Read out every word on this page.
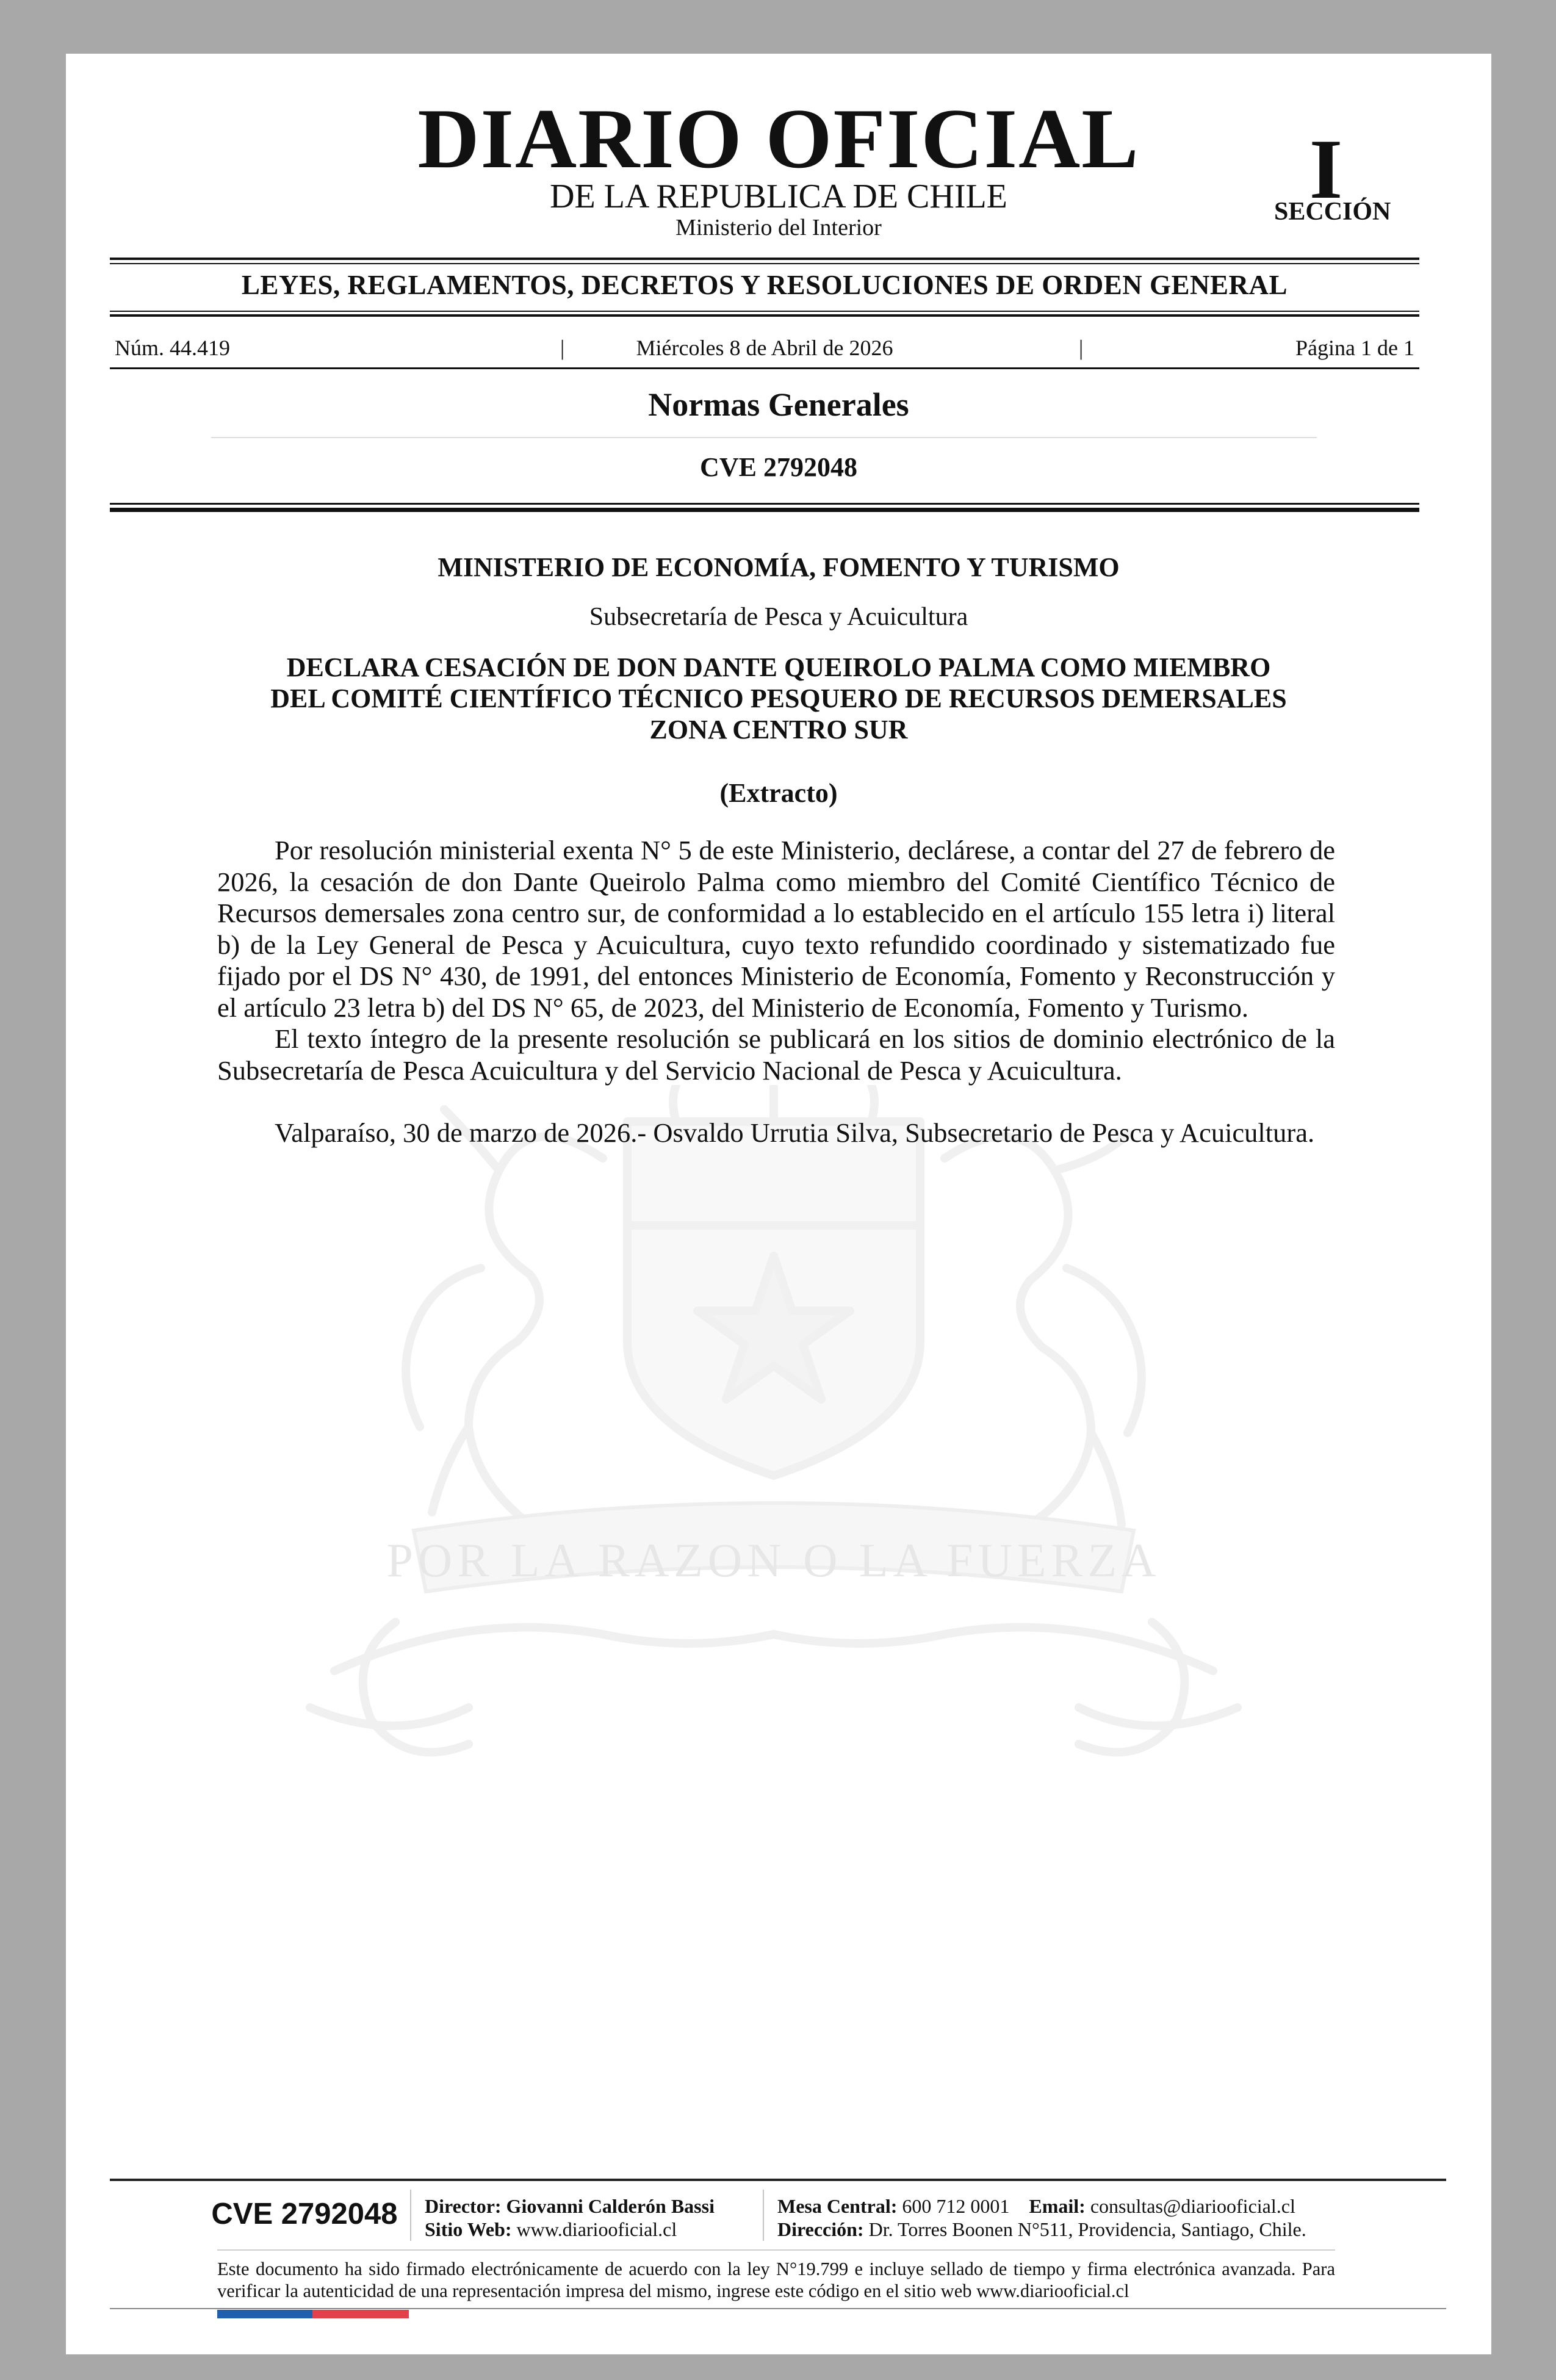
DIARIO OFICIAL
DE LA REPUBLICA DE CHILE
Ministerio del Interior
I
SECCIÓN
LEYES, REGLAMENTOS, DECRETOS Y RESOLUCIONES DE ORDEN GENERAL
Miércoles 8 de Abril de 2026
Núm. 44.419	|	|	Página 1 de 1
Normas Generales
CVE 2792048
POR LA RAZON O LA FUERZA
MINISTERIO DE ECONOMÍA, FOMENTO Y TURISMO
Subsecretaría de Pesca y Acuicultura
DECLARA CESACIÓN DE DON DANTE QUEIROLO PALMA COMO MIEMBRO
DEL COMITÉ CIENTÍFICO TÉCNICO PESQUERO DE RECURSOS DEMERSALES
ZONA CENTRO SUR
(Extracto)

Por resolución ministerial exenta N° 5 de este Ministerio, declárese, a contar del 27 de febrero de 2026, la cesación de don Dante Queirolo Palma como miembro del Comité Científico Técnico de Recursos demersales zona centro sur, de conformidad a lo establecido en el artículo 155 letra i) literal b) de la Ley General de Pesca y Acuicultura, cuyo texto refundido coordinado y sistematizado fue fijado por el DS N° 430, de 1991, del entonces Ministerio de Economía, Fomento y Reconstrucción y el artículo 23 letra b) del DS N° 65, de 2023, del Ministerio de Economía, Fomento y Turismo.

El texto íntegro de la presente resolución se publicará en los sitios de dominio electrónico de la Subsecretaría de Pesca Acuicultura y del Servicio Nacional de Pesca y Acuicultura.

Valparaíso, 30 de marzo de 2026.- Osvaldo Urrutia Silva, Subsecretario de Pesca y Acuicultura.

CVE 2792048 Director: Giovanni Calderón Bassi
Sitio Web: www.diariooficial.cl
Mesa Central: 600 712 0001 Email: consultas@diariooficial.cl
Dirección: Dr. Torres Boonen N°511, Providencia, Santiago, Chile.
Este documento ha sido firmado electrónicamente de acuerdo con la ley N°19.799 e incluye sellado de tiempo y firma electrónica avanzada. Para verificar la autenticidad de una representación impresa del mismo, ingrese este código en el sitio web www.diariooficial.cl
